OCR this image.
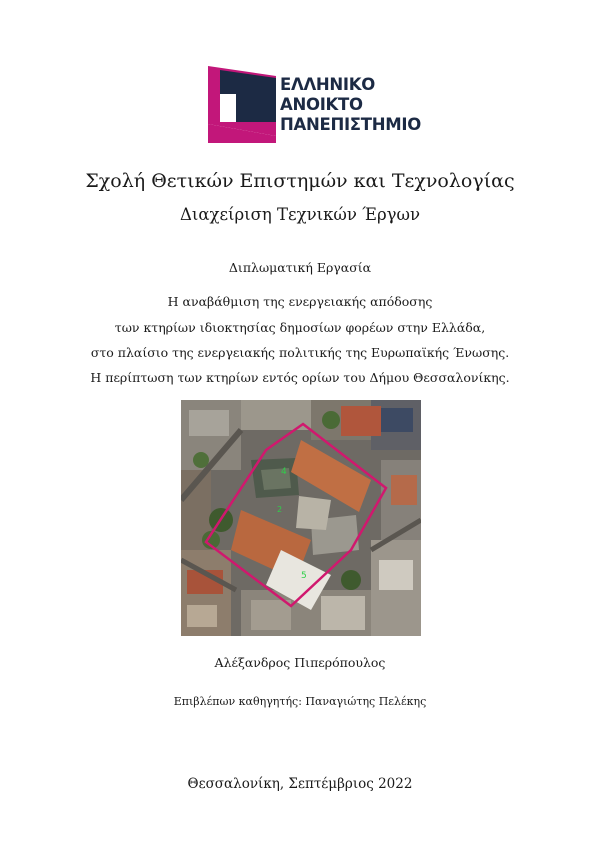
ΕΛΛΗΝΙΚΟ
ΑΝΟΙΚΤΟ
ΠΑΝΕΠΙΣΤΗΜΙΟ
Σχολή Θετικών Επιστημών και Τεχνολογίας
Διαχείριση Τεχνικών Έργων
Διπλωματική Εργασία
Η αναβάθμιση της ενεργειακής απόδοσης
των κτηρίων ιδιοκτησίας δημοσίων φορέων στην Ελλάδα,
στο πλαίσιο της ενεργειακής πολιτικής της Ευρωπαϊκής Ένωσης.
Η περίπτωση των κτηρίων εντός ορίων του Δήμου Θεσσαλονίκης.
4
2
5
Αλέξανδρος Πιπερόπουλος
Επιβλέπων καθηγητής: Παναγιώτης Πελέκης
Θεσσαλονίκη, Σεπτέμβριος 2022
